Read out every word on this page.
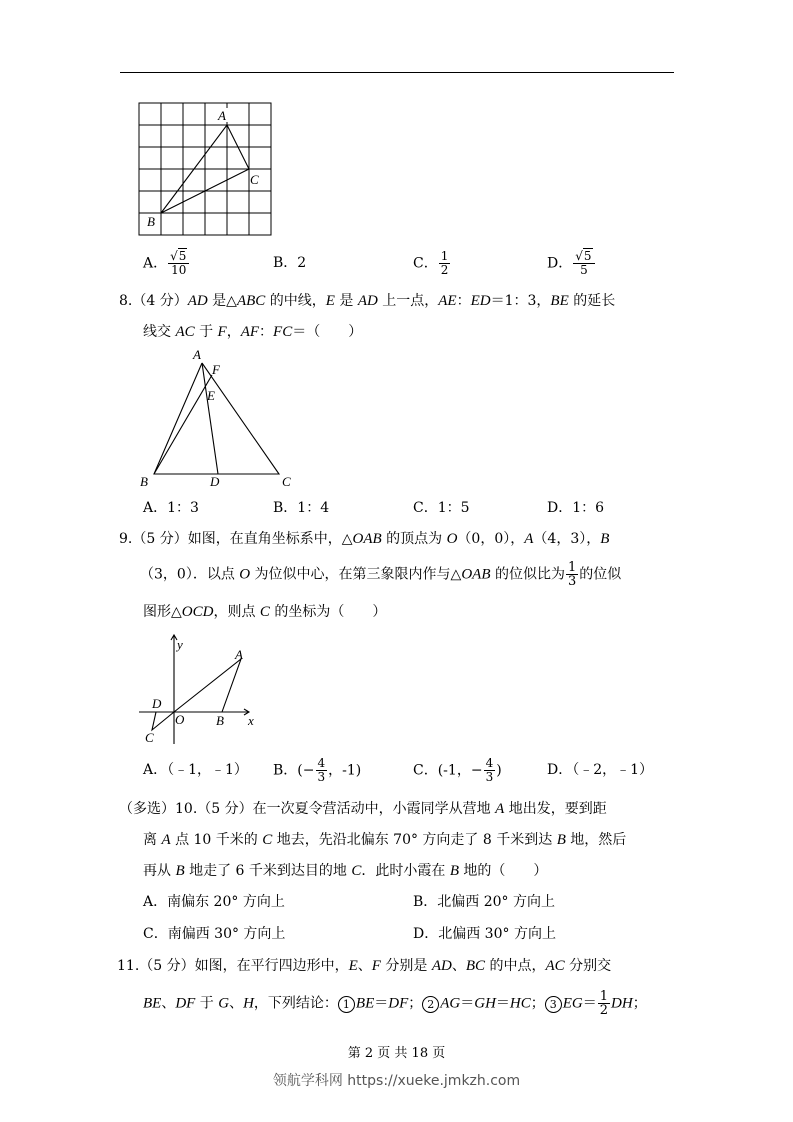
A
C
B
A． $\frac{√5}{10}$	B．2	C． $\frac{1}{2}$	D． $\frac{√5}{5}$
8.（4 分）AD 是△ABC 的中线，E 是 AD 上一点，AE：ED＝1：3，BE 的延长
线交 AC 于 F，AF：FC＝（　　）
A
F
E
B	D	C
A．1：3	B．1：4	C．1：5	D．1：6
9.（5 分）如图，在直角坐标系中，△OAB 的顶点为 O（0，0），A（4，3），B
（3，0）．以点 O 为位似中心，在第三象限内作与△OAB 的位似比为 $\frac{1}{3}$ 的位似
图形△OCD，则点 C 的坐标为（　　）
y
A
D
O B x
C
A．（﹣1，﹣1） B．(− $\frac{4}{3}$ ，-1)	C．(-1，− $\frac{4}{3}$ )	D．（﹣2，﹣1）
（多选）10.（5 分）在一次夏令营活动中，小霞同学从营地 A 地出发，要到距
离 A 点 10 千米的 C 地去，先沿北偏东 70° 方向走了 8 千米到达 B 地，然后
再从 B 地走了 6 千米到达目的地 C．此时小霞在 B 地的（　　）
A．南偏东 20° 方向上	B．北偏西 20° 方向上
C．南偏西 30° 方向上	D．北偏西 30° 方向上
11.（5 分）如图，在平行四边形中，E、F 分别是 AD、BC 的中点，AC 分别交
BE、DF 于 G、H，下列结论： 1 BE＝DF； 2 AG＝GH＝HC； 3 $EG= \frac{1}{2}$ DH；
第 2 页 共 18 页
领航学科网 https://xueke.jmkzh.com
